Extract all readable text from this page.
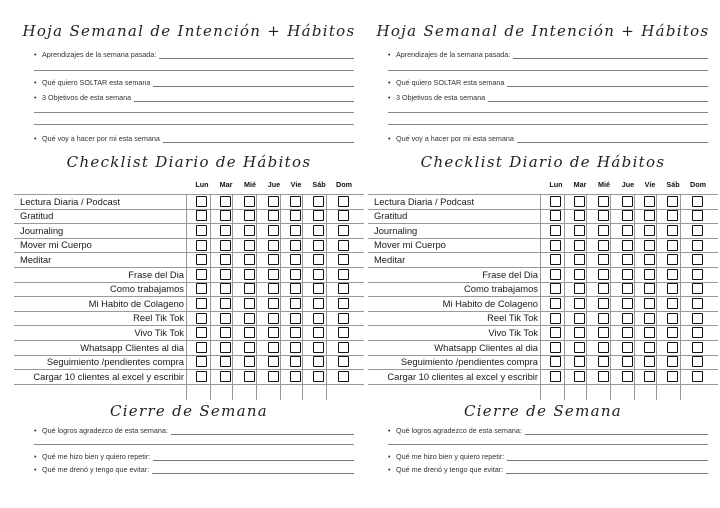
Hoja Semanal de Intención + Hábitos
• Aprendizajes de la semana pasada:
• Qué quiero SOLTAR esta semana
• 3 Objetivos de esta semana
• Qué voy a hacer por mi esta semana
Checklist Diario de Hábitos
Lun	Mar	Mié	Jue	Vie	Sáb	Dom
Lectura Diaria / Podcast
Gratitud
Journaling
Mover mi Cuerpo
Meditar
Frase del Dia
Como trabajamos
Mi Habito de Colageno
Reel Tik Tok
Vivo Tik Tok
Whatsapp Clientes al dia
Seguimiento /pendientes compra
Cargar 10 clientes al excel y escribir
Cierre de Semana
• Qué logros agradezco de esta semana:
• Qué me hizo bien y quiero repetir:
• Qué me drenó y tengo que evitar:
Hoja Semanal de Intención + Hábitos
• Aprendizajes de la semana pasada:
• Qué quiero SOLTAR esta semana
• 3 Objetivos de esta semana
• Qué voy a hacer por mi esta semana
Checklist Diario de Hábitos
Lun	Mar	Mié	Jue	Vie	Sáb	Dom
Lectura Diaria / Podcast
Gratitud
Journaling
Mover mi Cuerpo
Meditar
Frase del Dia
Como trabajamos
Mi Habito de Colageno
Reel Tik Tok
Vivo Tik Tok
Whatsapp Clientes al dia
Seguimiento /pendientes compra
Cargar 10 clientes al excel y escribir
Cierre de Semana
• Qué logros agradezco de esta semana:
• Qué me hizo bien y quiero repetir:
• Qué me drenó y tengo que evitar:
